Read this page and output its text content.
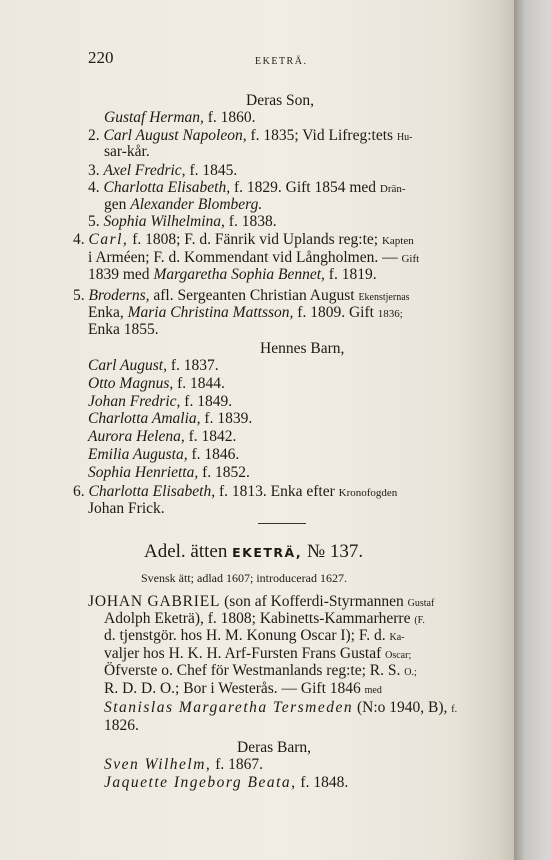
220	EKETRÄ.
Deras Son,
Gustaf Herman, f. 1860.
2. Carl August Napoleon, f. 1835; Vid Lifreg:tets Hu-
sar-kår.
3. Axel Fredric, f. 1845.
4. Charlotta Elisabeth, f. 1829. Gift 1854 med Drän-
gen Alexander Blomberg.
5. Sophia Wilhelmina, f. 1838.
4. Carl, f. 1808; F. d. Fänrik vid Uplands reg:te; Kapten
i Arméen; F. d. Kommendant vid Långholmen. — Gift
1839 med Margaretha Sophia Bennet, f. 1819.
5. Broderns, afl. Sergeanten Christian August Ekenstjernas
Enka, Maria Christina Mattsson, f. 1809. Gift 1836;
Enka 1855.
Hennes Barn,
Carl August, f. 1837.
Otto Magnus, f. 1844.
Johan Fredric, f. 1849.
Charlotta Amalia, f. 1839.
Aurora Helena, f. 1842.
Emilia Augusta, f. 1846.
Sophia Henrietta, f. 1852.
6. Charlotta Elisabeth, f. 1813. Enka efter Kronofogden
Johan Frick.
Adel. ätten EKETRÄ, № 137.
Svensk ätt; adlad 1607; introducerad 1627.
JOHAN GABRIEL (son af Kofferdi-Styrmannen Gustaf
Adolph Eketrä), f. 1808; Kabinetts-Kammarherre (F.
d. tjenstgör. hos H. M. Konung Oscar I); F. d. Ka-
valjer hos H. K. H. Arf-Fursten Frans Gustaf Oscar;
Öfverste o. Chef för Westmanlands reg:te; R. S. O.;
R. D. D. O.; Bor i Westerås. — Gift 1846 med
Stanislas Margaretha Tersmeden (N:o 1940, B), f.
1826.
Deras Barn,
Sven Wilhelm, f. 1867.
Jaquette Ingeborg Beata, f. 1848.
